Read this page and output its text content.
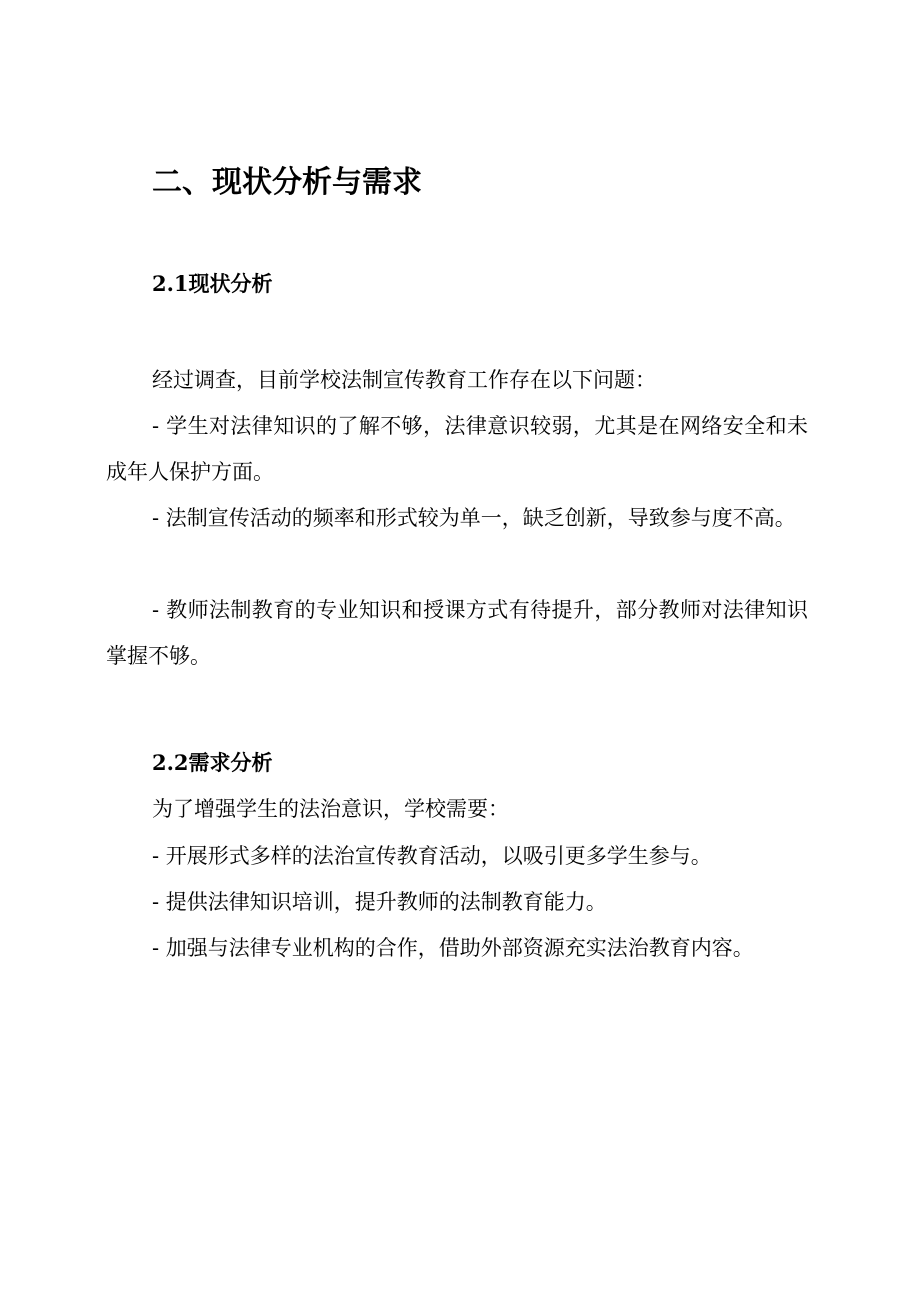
二、现状分析与需求
2.1现状分析

经过调查，目前学校法制宣传教育工作存在以下问题：

- 学生对法律知识的了解不够，法律意识较弱，尤其是在网络安全和未成年人保护方面。

- 法制宣传活动的频率和形式较为单一，缺乏创新，导致参与度不高。

- 教师法制教育的专业知识和授课方式有待提升，部分教师对法律知识掌握不够。

2.2需求分析

为了增强学生的法治意识，学校需要：

- 开展形式多样的法治宣传教育活动，以吸引更多学生参与。

- 提供法律知识培训，提升教师的法制教育能力。

- 加强与法律专业机构的合作，借助外部资源充实法治教育内容。
